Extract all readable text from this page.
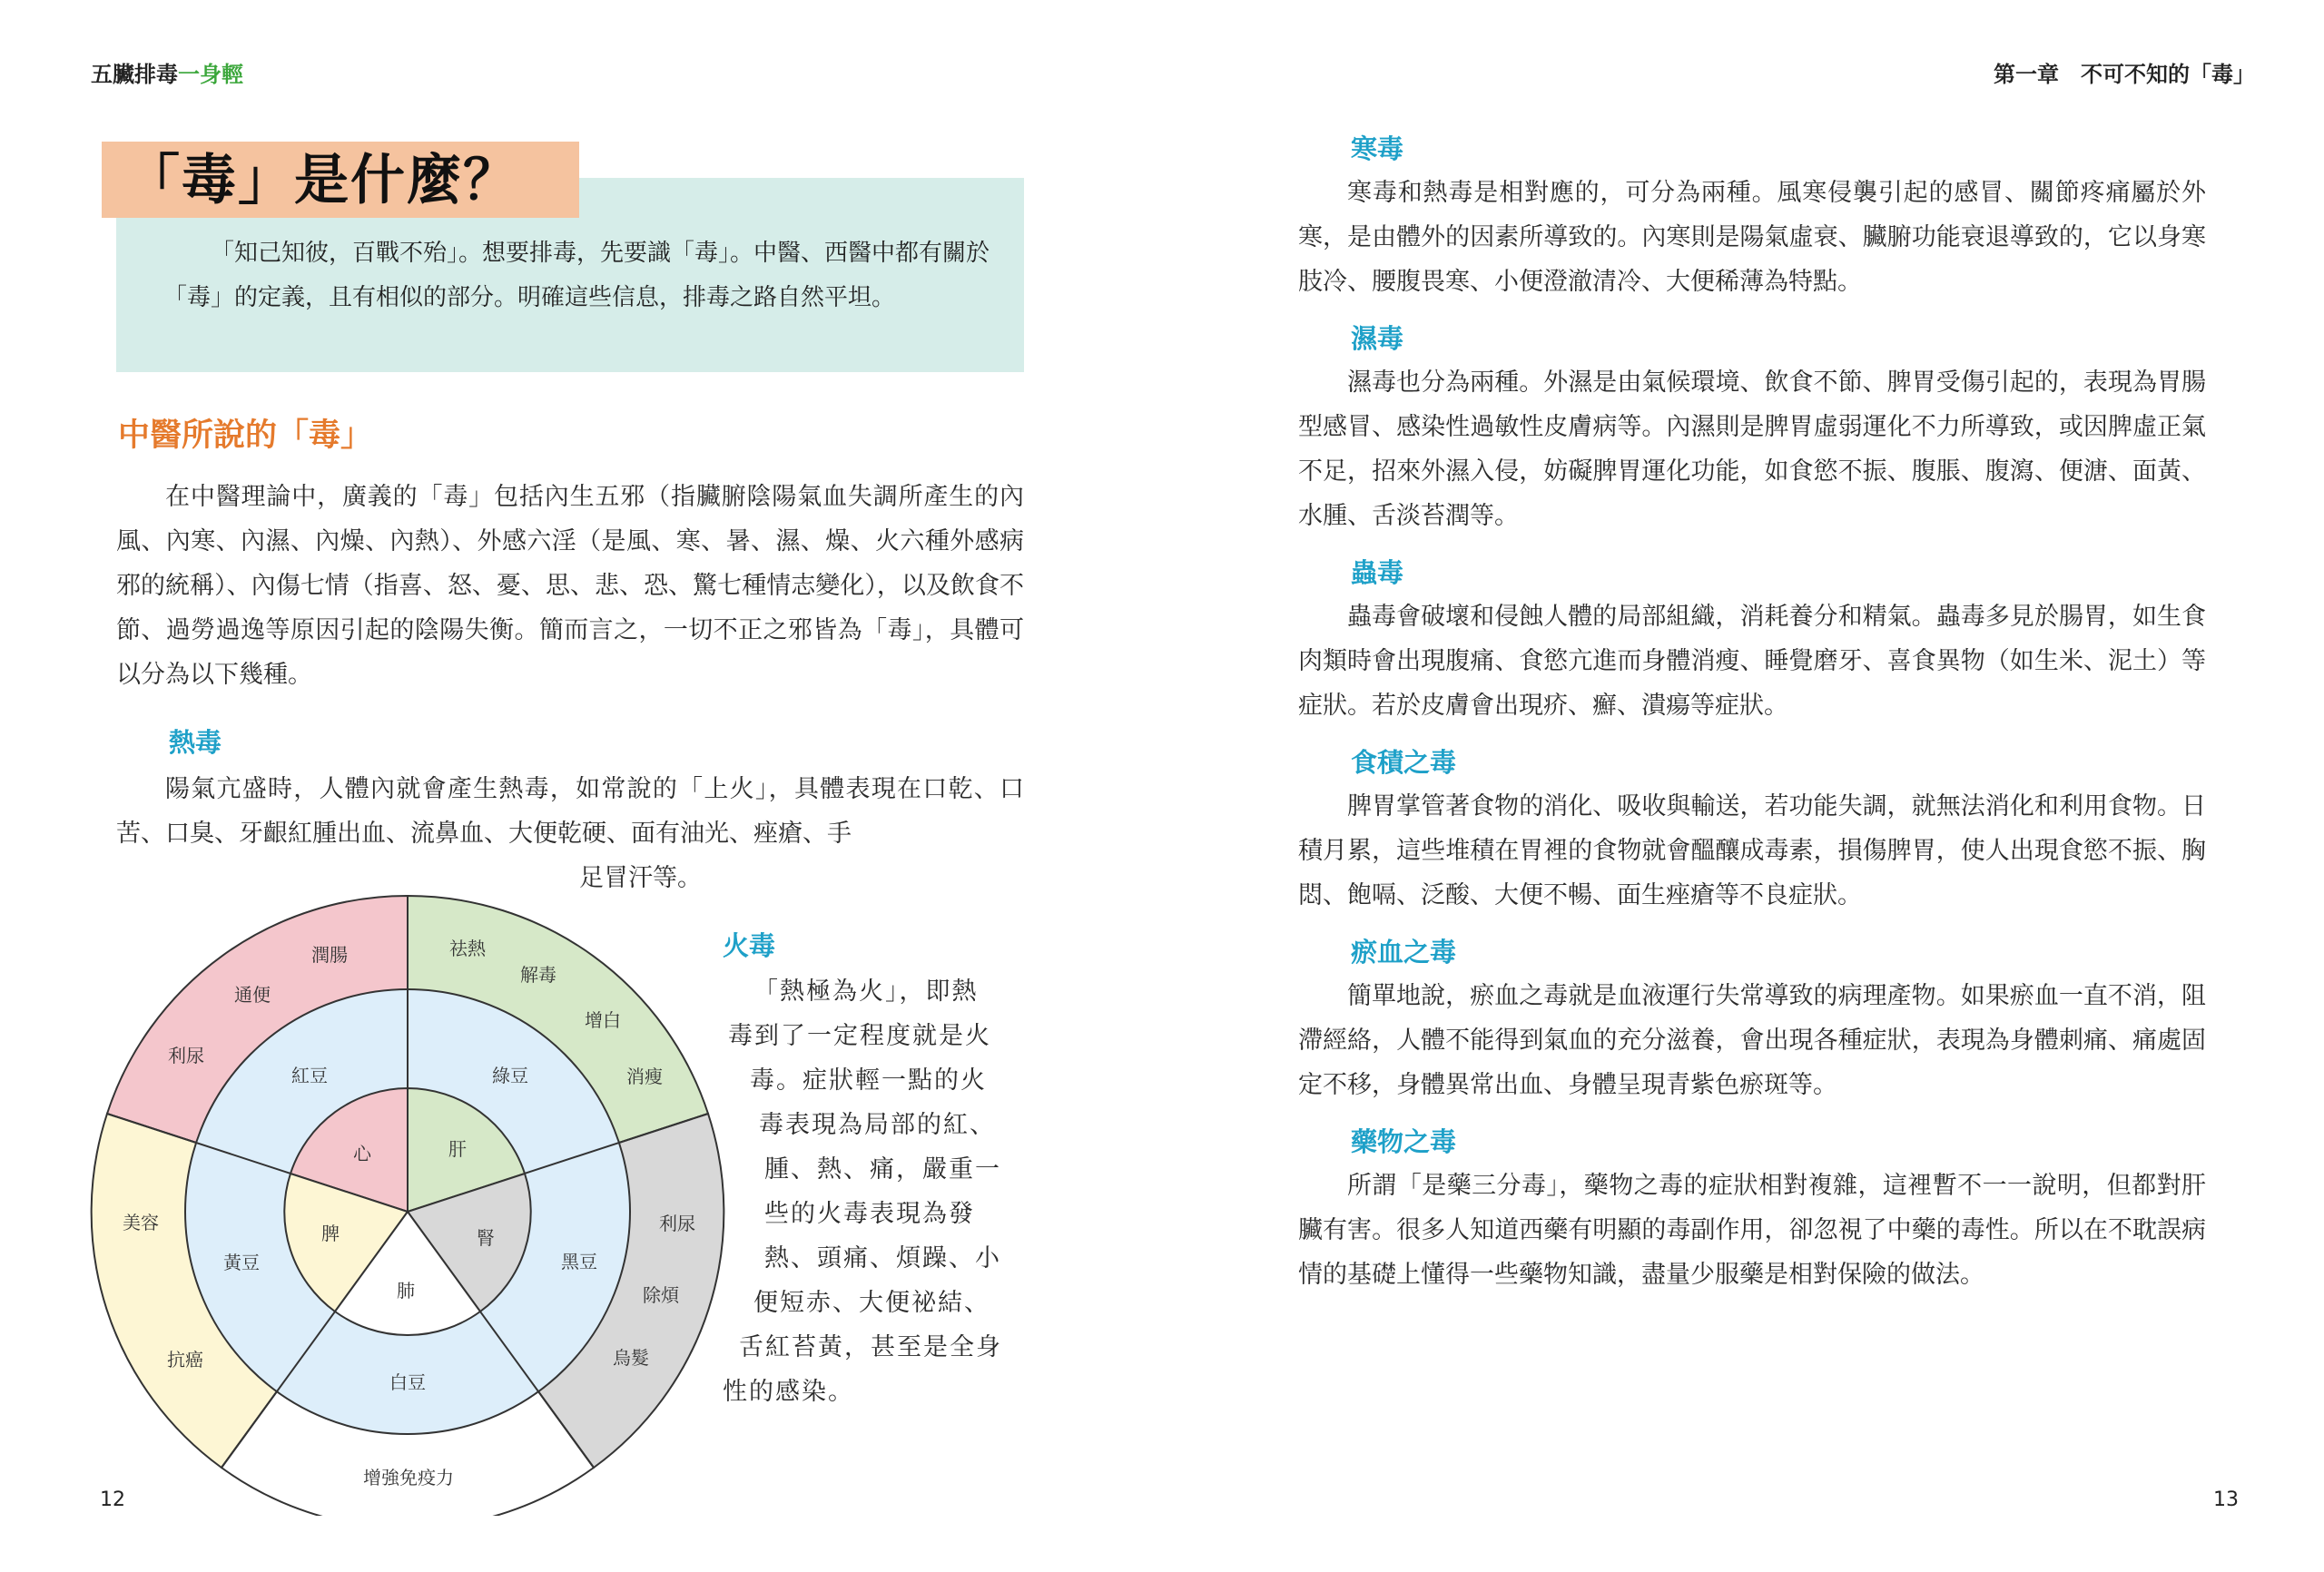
五臟排毒一身輕
「毒」是什麼？

「知己知彼，百戰不殆」。想要排毒，先要識「毒」。中醫、西醫中都有關於「毒」的定義，且有相似的部分。明確這些信息，排毒之路自然平坦。

中醫所說的「毒」

在中醫理論中，廣義的「毒」包括內生五邪（指臟腑陰陽氣血失調所產生的內風、內寒、內濕、內燥、內熱）、外感六淫（是風、寒、暑、濕、燥、火六種外感病邪的統稱）、內傷七情（指喜、怒、憂、思、悲、恐、驚七種情志變化），以及飲食不節、過勞過逸等原因引起的陰陽失衡。簡而言之，一切不正之邪皆為「毒」，具體可以分為以下幾種。

熱毒

陽氣亢盛時，人體內就會產生熱毒，如常說的「上火」，具體表現在口乾、口苦、口臭、牙齦紅腫出血、流鼻血、大便乾硬、面有油光、痤瘡、手

足冒汗等。

心	肝
腎
脾
肺
紅豆	綠豆
黑豆
黃豆
白豆
潤腸
通便
利尿
祛熱
解毒
增白
消瘦
利尿
除煩
烏髮
美容
抗癌
增強免疫力
火毒

「熱極為火」，即熱

毒到了一定程度就是火

毒。症狀輕一點的火

毒表現為局部的紅、

腫、熱、痛，嚴重一

些的火毒表現為發

熱、頭痛、煩躁、小

便短赤、大便祕結、

舌紅苔黃，甚至是全身

性的感染。

12
第一章　不可不知的「毒」
寒毒

寒毒和熱毒是相對應的，可分為兩種。風寒侵襲引起的感冒、關節疼痛屬於外寒，是由體外的因素所導致的。內寒則是陽氣虛衰、臟腑功能衰退導致的，它以身寒肢冷、腰腹畏寒、小便澄澈清冷、大便稀薄為特點。

濕毒

濕毒也分為兩種。外濕是由氣候環境、飲食不節、脾胃受傷引起的，表現為胃腸型感冒、感染性過敏性皮膚病等。內濕則是脾胃虛弱運化不力所導致，或因脾虛正氣不足，招來外濕入侵，妨礙脾胃運化功能，如食慾不振、腹脹、腹瀉、便溏、面黃、水腫、舌淡苔潤等。

蟲毒

蟲毒會破壞和侵蝕人體的局部組織，消耗養分和精氣。蟲毒多見於腸胃，如生食肉類時會出現腹痛、食慾亢進而身體消瘦、睡覺磨牙、喜食異物（如生米、泥土）等症狀。若於皮膚會出現疥、癬、潰瘍等症狀。

食積之毒

脾胃掌管著食物的消化、吸收與輸送，若功能失調，就無法消化和利用食物。日積月累，這些堆積在胃裡的食物就會醞釀成毒素，損傷脾胃，使人出現食慾不振、胸悶、飽嗝、泛酸、大便不暢、面生痤瘡等不良症狀。

瘀血之毒

簡單地說，瘀血之毒就是血液運行失常導致的病理產物。如果瘀血一直不消，阻滯經絡，人體不能得到氣血的充分滋養，會出現各種症狀，表現為身體刺痛、痛處固定不移，身體異常出血、身體呈現青紫色瘀斑等。

藥物之毒

所謂「是藥三分毒」，藥物之毒的症狀相對複雜，這裡暫不一一說明，但都對肝臟有害。很多人知道西藥有明顯的毒副作用，卻忽視了中藥的毒性。所以在不耽誤病情的基礎上懂得一些藥物知識，盡量少服藥是相對保險的做法。

13
